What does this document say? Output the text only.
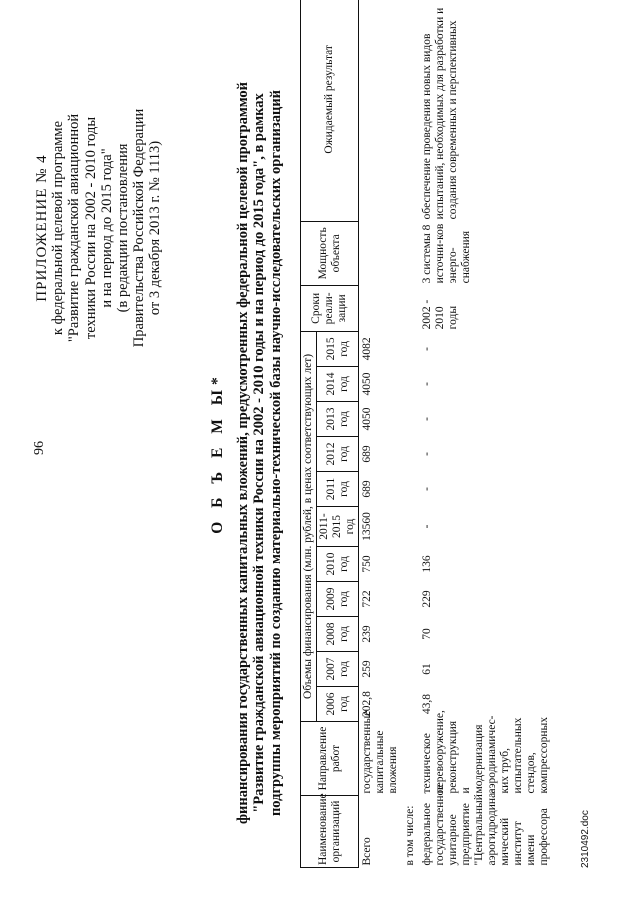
96
ПРИЛОЖЕНИЕ № 4 к федеральной целевой программе "Развитие гражданской авиационной техники России на 2002 - 2010 годы и на период до 2015 года" (в редакции постановления Правительства Российской Федерации от 3 декабря 2013 г. № 1113)
О Б Ъ Е М Ы* финансирования государственных капитальных вложений, предусмотренных федеральной целевой программой "Развитие гражданской авиационной техники России на 2002 - 2010 годы и на период до 2015 года", в рамках подгруппы мероприятий по созданию материально-технической базы научно-исследовательских организаций
Наименование организаций	Направление работ	Объемы финансирования (млн. рублей, в ценах соответствующих лет)											Сроки реали-зации	Мощность объекта	Ожидаемый результат
		2006 год	2007 год	2008 год	2009 год	2010 год	2011-2015 год	2011 год	2012 год	2013 год	2014 год	2015 год			
Всего	государственные капитальные вложения	202,8	259	239	722	750	13560	689	689	4050	4050	4082			
в том числе:															
федеральное государственное унитарное предприятие "Центральный аэрогидродина-мический институт имени профессора	техническое перевооружение, реконструкция и модернизация аэродинамичес-ких труб, испытательных стендов, компрессорных	43,8	61	70	229	136	-	-	-	-	-	-	2002 - 2010 годы	3 системы 8 источни-ков энерго-снабжения	обеспечение проведения новых видов испытаний, необходимых для разработки и создания современных и перспективных
2310492.doc
